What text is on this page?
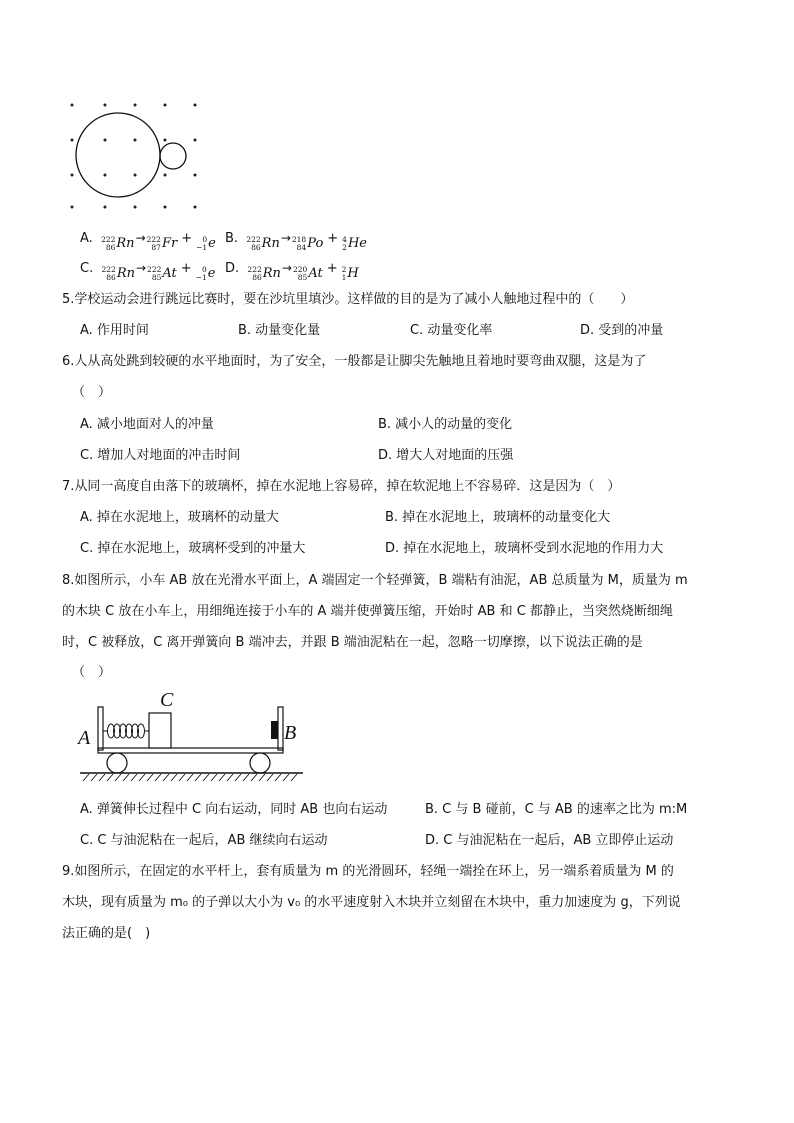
A. 222
86 Rn → 222
87 Fr + 0
−1 e B. 222
86 Rn → 218
84 Po + 4
2 He
C. 222
86 Rn → 222
85 At + 0
−1 e D. 222
86 Rn → 220
85 At + 2
1 H
5.学校运动会进行跳远比赛时，要在沙坑里填沙。这样做的目的是为了减小人触地过程中的（　　）
A. 作用时间	B. 动量变化量	C. 动量变化率	D. 受到的冲量
6.人从高处跳到较硬的水平地面时，为了安全，一般都是让脚尖先触地且着地时要弯曲双腿，这是为了
（　）
A. 减小地面对人的冲量	B. 减小人的动量的变化
C. 增加人对地面的冲击时间	D. 增大人对地面的压强
7.从同一高度自由落下的玻璃杯，掉在水泥地上容易碎，掉在软泥地上不容易碎．这是因为（　）
A. 掉在水泥地上，玻璃杯的动量大	B. 掉在水泥地上，玻璃杯的动量变化大
C. 掉在水泥地上，玻璃杯受到的冲量大	D. 掉在水泥地上，玻璃杯受到水泥地的作用力大
8.如图所示，小车 AB 放在光滑水平面上，A 端固定一个轻弹簧，B 端粘有油泥，AB 总质量为 M，质量为 m
的木块 C 放在小车上，用细绳连接于小车的 A 端并使弹簧压缩，开始时 AB 和 C 都静止，当突然烧断细绳
时，C 被释放，C 离开弹簧向 B 端冲去，并跟 B 端油泥粘在一起，忽略一切摩擦，以下说法正确的是
（　）
A	B
C
A. 弹簧伸长过程中 C 向右运动，同时 AB 也向右运动	B. C 与 B 碰前，C 与 AB 的速率之比为 m:M
C. C 与油泥粘在一起后，AB 继续向右运动	D. C 与油泥粘在一起后，AB 立即停止运动
9.如图所示，在固定的水平杆上，套有质量为 m 的光滑圆环，轻绳一端拴在环上，另一端系着质量为 M 的
木块，现有质量为 m₀ 的子弹以大小为 v₀ 的水平速度射入木块并立刻留在木块中，重力加速度为 g，下列说
法正确的是(　)
